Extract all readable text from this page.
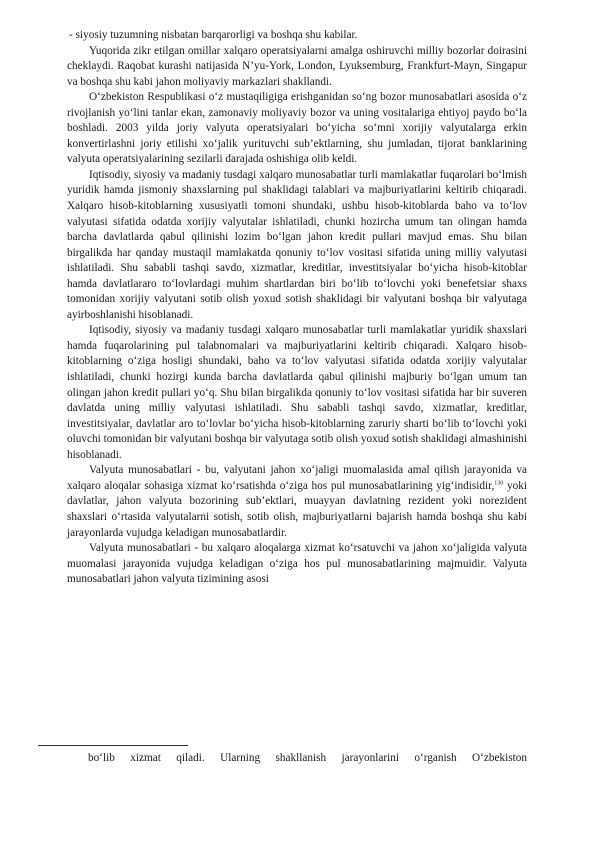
- siyosiy tuzumning nisbatan barqarorligi va boshqa shu kabilar.

Yuqorida zikr etilgan omillar xalqaro operatsiyalarni amalga oshiruvchi milliy bozorlar doirasini cheklaydi. Raqobat kurashi natijasida N’yu-York, London, Lyuksemburg, Frankfurt-Mayn, Singapur va boshqa shu kabi jahon moliyaviy markazlari shakllandi.

O‘zbekiston Respublikasi o‘z mustaqiligiga erishganidan so‘ng bozor munosabatlari asosida o‘z rivojlanish yo‘lini tanlar ekan, zamonaviy moliyaviy bozor va uning vositalariga ehtiyoj paydo bo‘la boshladi. 2003 yilda joriy valyuta operatsiyalari bo‘yicha so‘mni xorijiy valyutalarga erkin konvertirlashni joriy etilishi xo‘jalik yurituvchi sub’ektlarning, shu jumladan, tijorat banklarining valyuta operatsiyalarining sezilarli darajada oshishiga olib keldi.

Iqtisodiy, siyosiy va madaniy tusdagi xalqaro munosabatlar turli mamlakatlar fuqarolari bo‘lmish yuridik hamda jismoniy shaxslarning pul shaklidagi talablari va majburiyatlarini keltirib chiqaradi. Xalqaro hisob-kitoblarning xususiyatli tomoni shundaki, ushbu hisob-kitoblarda baho va to‘lov valyutasi sifatida odatda xorijiy valyutalar ishlatiladi, chunki hozircha umum tan olingan hamda barcha davlatlarda qabul qilinishi lozim bo‘lgan jahon kredit pullari mavjud emas. Shu bilan birgalikda har qanday mustaqil mamlakatda qonuniy to‘lov vositasi sifatida uning milliy valyutasi ishlatiladi. Shu sababli tashqi savdo, xizmatlar, kreditlar, investitsiyalar bo‘yicha hisob-kitoblar hamda davlatlararo to‘lovlardagi muhim shartlardan biri bo‘lib to‘lovchi yoki benefetsiar shaxs tomonidan xorijiy valyutani sotib olish yoxud sotish shaklidagi bir valyutani boshqa bir valyutaga ayirboshlanishi hisoblanadi.

Iqtisodiy, siyosiy va madaniy tusdagi xalqaro munosabatlar turli mamlakatlar yuridik shaxslari hamda fuqarolarining pul talabnomalari va majburiyatlarini keltirib chiqaradi. Xalqaro hisob-kitoblarning o‘ziga hosligi shundaki, baho va to‘lov valyutasi sifatida odatda xorijiy valyutalar ishlatiladi, chunki hozirgi kunda barcha davlatlarda qabul qilinishi majburiy bo‘lgan umum tan olingan jahon kredit pullari yo‘q. Shu bilan birgalikda qonuniy to‘lov vositasi sifatida har bir suveren davlatda uning milliy valyutasi ishlatiladi. Shu sababli tashqi savdo, xizmatlar, kreditlar, investitsiyalar, davlatlar aro to‘lovlar bo‘yicha hisob-kitoblarning zaruriy sharti bo‘lib to‘lovchi yoki oluvchi tomonidan bir valyutani boshqa bir valyutaga sotib olish yoxud sotish shaklidagi almashinishi hisoblanadi.

Valyuta munosabatlari - bu, valyutani jahon xo‘jaligi muomalasida amal qilish jarayonida va xalqaro aloqalar sohasiga xizmat ko‘rsatishda o‘ziga hos pul munosabatlarining yig‘indisidir,$^{130}$ yoki davlatlar, jahon valyuta bozorining sub’ektlari, muayyan davlatning rezident yoki norezident shaxslari o‘rtasida valyutalarni sotish, sotib olish, majburiyatlarni bajarish hamda boshqa shu kabi jarayonlarda vujudga keladigan munosabatlardir.

Valyuta munosabatlari - bu xalqaro aloqalarga xizmat ko‘rsatuvchi va jahon xo‘jaligida valyuta muomalasi jarayonida vujudga keladigan o‘ziga hos pul munosabatlarining majmuidir. Valyuta munosabatlari jahon valyuta tizimining asosi

bo‘lib xizmat qiladi. Ularning shakllanish jarayonlarini o‘rganish O‘zbekiston
